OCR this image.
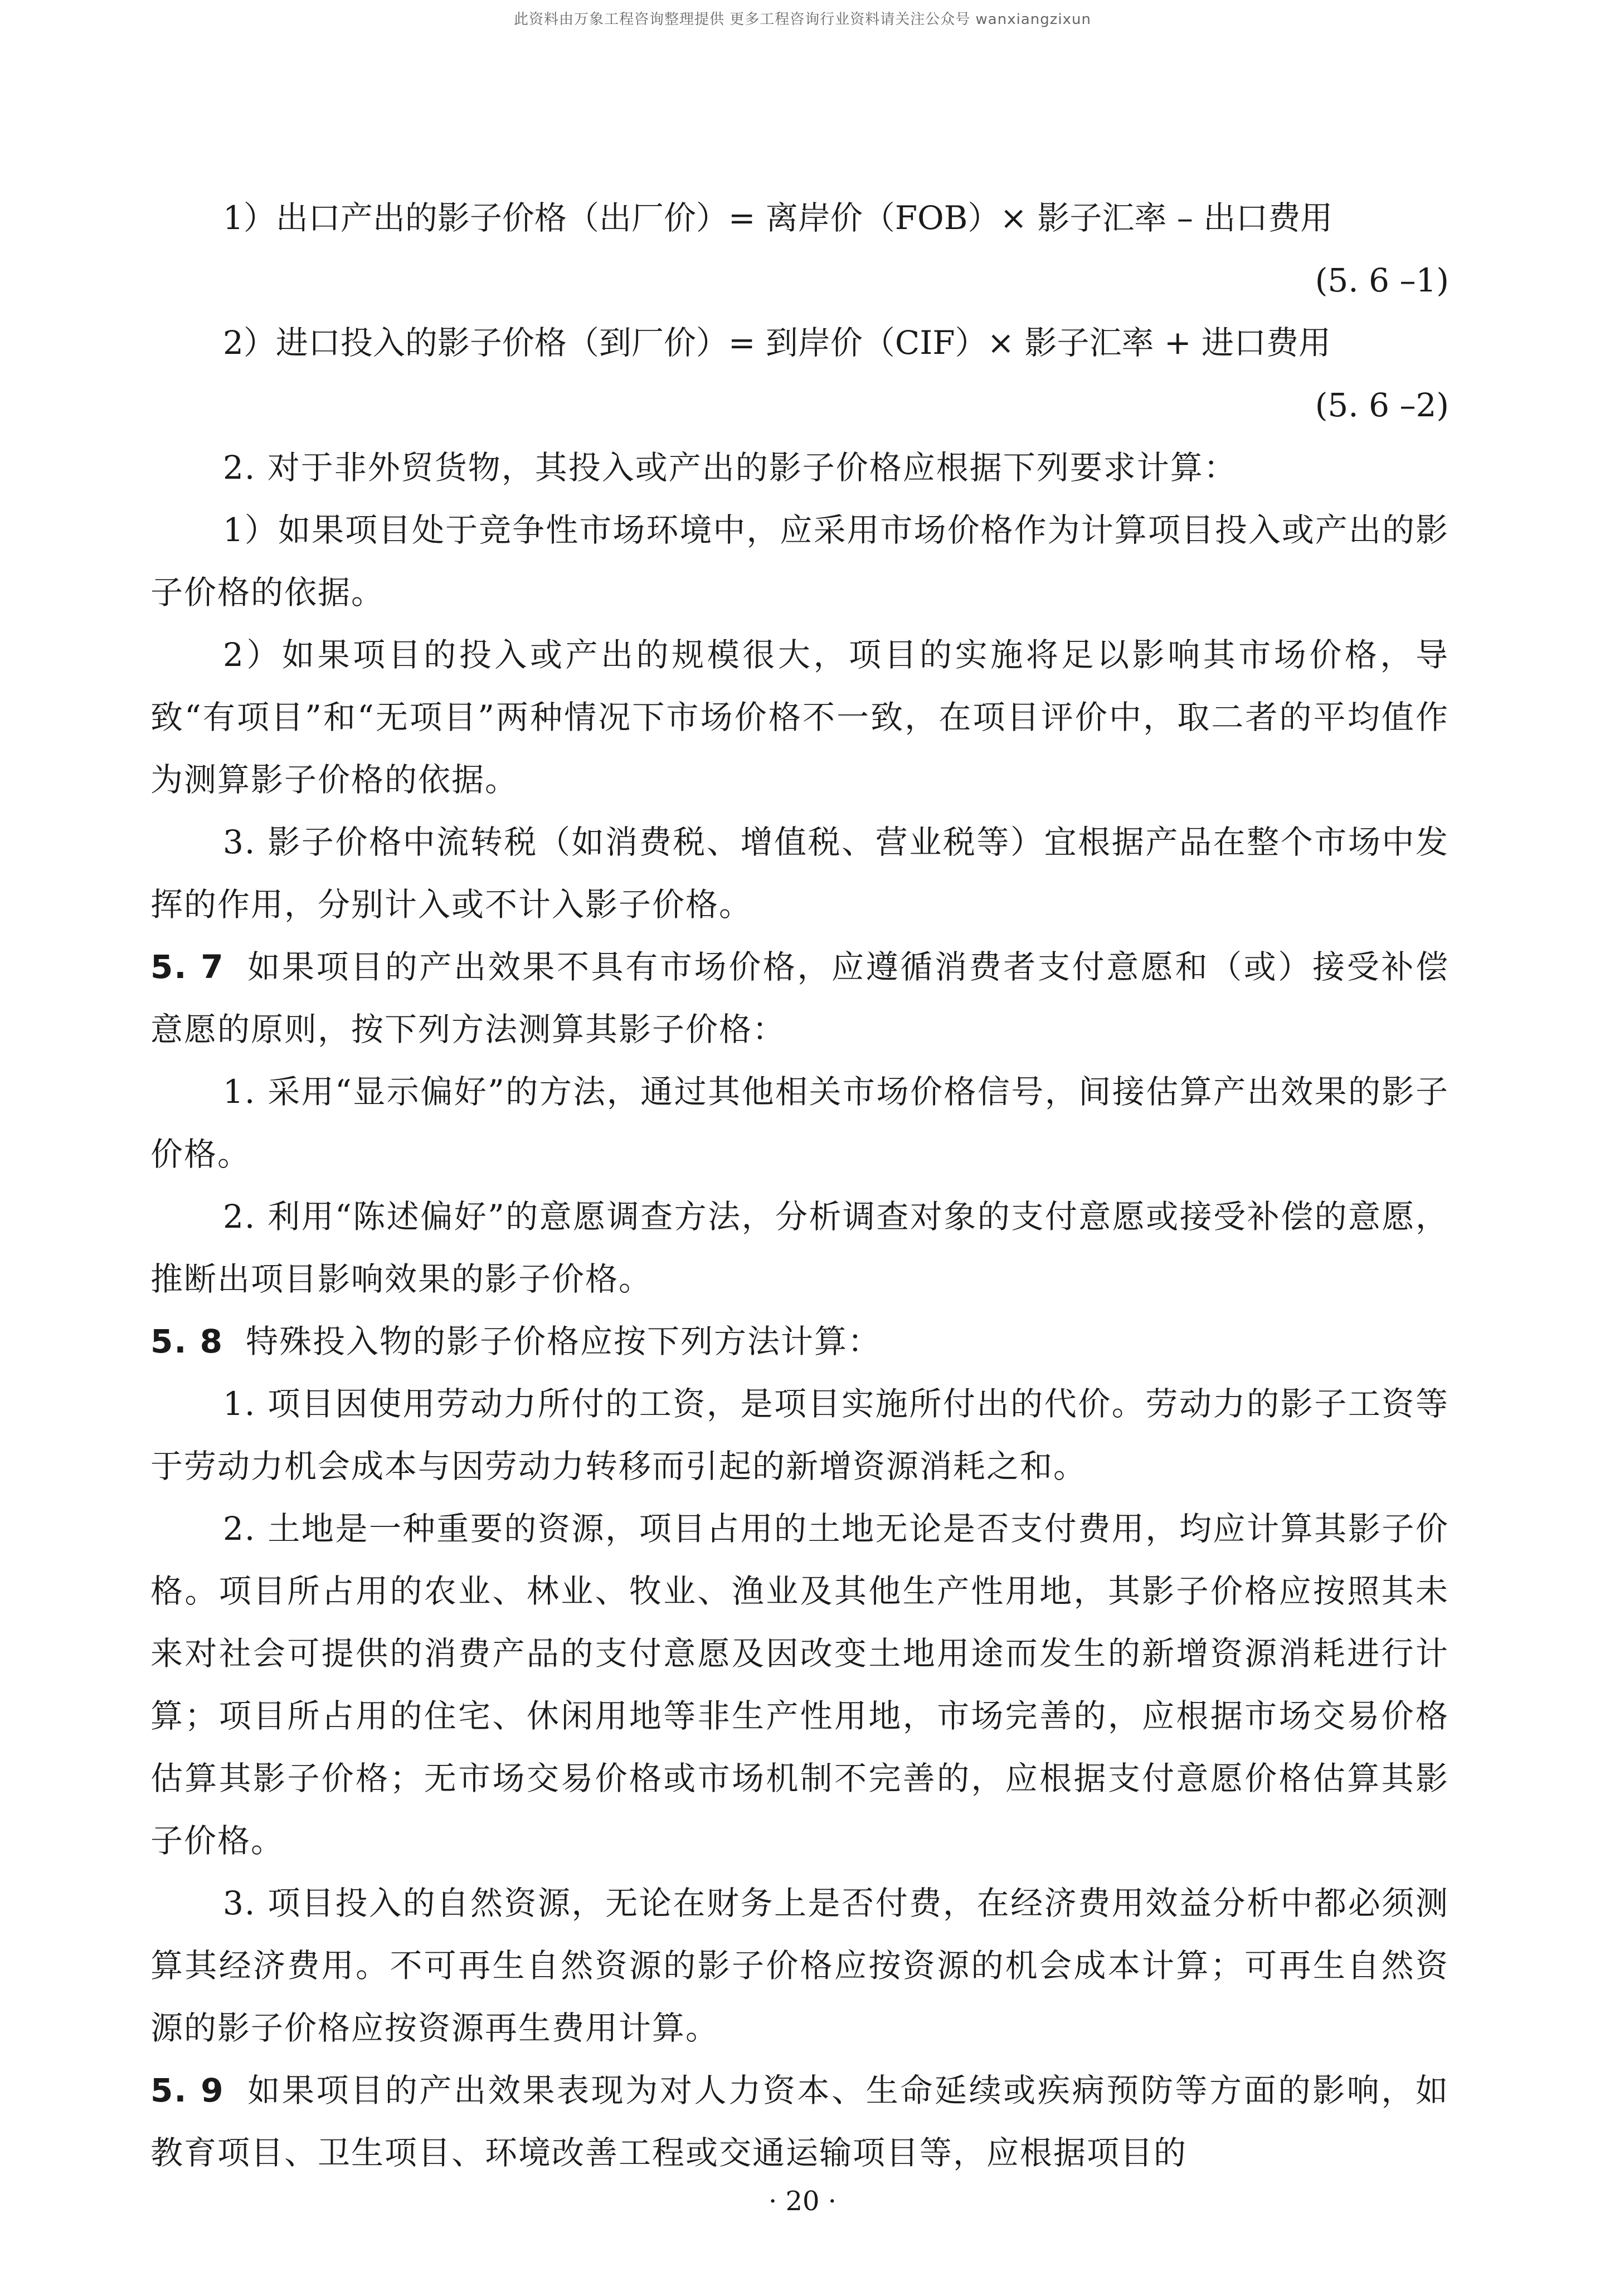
此资料由万象工程咨询整理提供 更多工程咨询行业资料请关注公众号 wanxiangzixun
1）出口产出的影子价格（出厂价）= 离岸价（FOB）× 影子汇率 – 出口费用
(5. 6 –1)
2）进口投入的影子价格（到厂价）= 到岸价（CIF）× 影子汇率 + 进口费用
(5. 6 –2)
2. 对于非外贸货物，其投入或产出的影子价格应根据下列要求计算：
1）如果项目处于竞争性市场环境中，应采用市场价格作为计算项目投入或产出的影子价格的依据。
2）如果项目的投入或产出的规模很大，项目的实施将足以影响其市场价格，导致“有项目”和“无项目”两种情况下市场价格不一致，在项目评价中，取二者的平均值作为测算影子价格的依据。
3. 影子价格中流转税（如消费税、增值税、营业税等）宜根据产品在整个市场中发挥的作用，分别计入或不计入影子价格。
5. 7 如果项目的产出效果不具有市场价格，应遵循消费者支付意愿和（或）接受补偿意愿的原则，按下列方法测算其影子价格：
1. 采用“显示偏好”的方法，通过其他相关市场价格信号，间接估算产出效果的影子价格。
2. 利用“陈述偏好”的意愿调查方法，分析调查对象的支付意愿或接受补偿的意愿，推断出项目影响效果的影子价格。
5. 8 特殊投入物的影子价格应按下列方法计算：
1. 项目因使用劳动力所付的工资，是项目实施所付出的代价。劳动力的影子工资等于劳动力机会成本与因劳动力转移而引起的新增资源消耗之和。
2. 土地是一种重要的资源，项目占用的土地无论是否支付费用，均应计算其影子价格。项目所占用的农业、林业、牧业、渔业及其他生产性用地，其影子价格应按照其未来对社会可提供的消费产品的支付意愿及因改变土地用途而发生的新增资源消耗进行计算；项目所占用的住宅、休闲用地等非生产性用地，市场完善的，应根据市场交易价格估算其影子价格；无市场交易价格或市场机制不完善的，应根据支付意愿价格估算其影子价格。
3. 项目投入的自然资源，无论在财务上是否付费，在经济费用效益分析中都必须测算其经济费用。不可再生自然资源的影子价格应按资源的机会成本计算；可再生自然资源的影子价格应按资源再生费用计算。
5. 9 如果项目的产出效果表现为对人力资本、生命延续或疾病预防等方面的影响，如教育项目、卫生项目、环境改善工程或交通运输项目等，应根据项目的
· 20 ·
